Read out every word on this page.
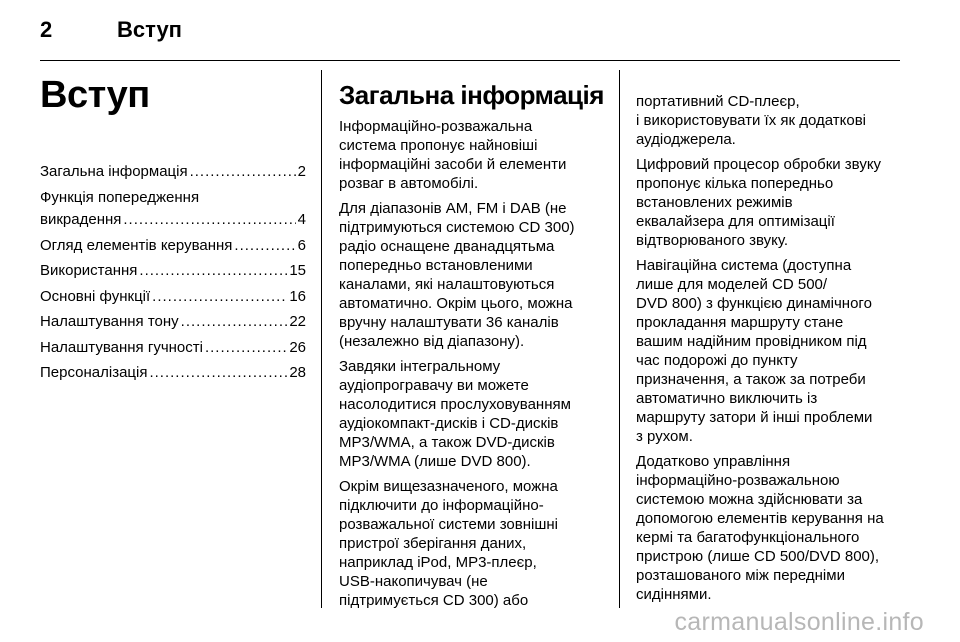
2	Вступ
Вступ
Загальна інформація .....	2
Функція попередження
викрадення .....	4
Огляд елементів керування .....	6
Використання .....	15
Основні функції .....	16
Налаштування тону .....	22
Налаштування гучності .....	26
Персоналізація .....	28
Загальна інформація

Інформаційно-розважальна
система пропонує найновіші
інформаційні засоби й елементи
розваг в автомобілі.

Для діапазонів AM, FM і DAB (не
підтримуються системою CD 300)
радіо оснащене дванадцятьма
попередньо встановленими
каналами, які налаштовуються
автоматично. Окрім цього, можна
вручну налаштувати 36 каналів
(незалежно від діапазону).

Завдяки інтегральному
аудіопрогравачу ви можете
насолодитися прослуховуванням
аудіокомпакт-дисків і CD-дисків
MP3/WMA, а також DVD-дисків
MP3/WMA (лише DVD 800).

Окрім вищезазначеного, можна
підключити до інформаційно-
розважальної системи зовнішні
пристрої зберігання даних,
наприклад iPod, MP3-плеєр,
USB-накопичувач (не
підтримується CD 300) або

портативний CD-плеєр,
і використовувати їх як додаткові
аудіоджерела.

Цифровий процесор обробки звуку
пропонує кілька попередньо
встановлених режимів
еквалайзера для оптимізації
відтворюваного звуку.

Навігаційна система (доступна
лише для моделей CD 500/
DVD 800) з функцією динамічного
прокладання маршруту стане
вашим надійним провідником під
час подорожі до пункту
призначення, а також за потреби
автоматично виключить із
маршруту затори й інші проблеми
з рухом.

Додатково управління
інформаційно-розважальною
системою можна здійснювати за
допомогою елементів керування на
кермі та багатофункціонального
пристрою (лише CD 500/DVD 800),
розташованого між передніми
сидіннями.

carmanualsonline.info
